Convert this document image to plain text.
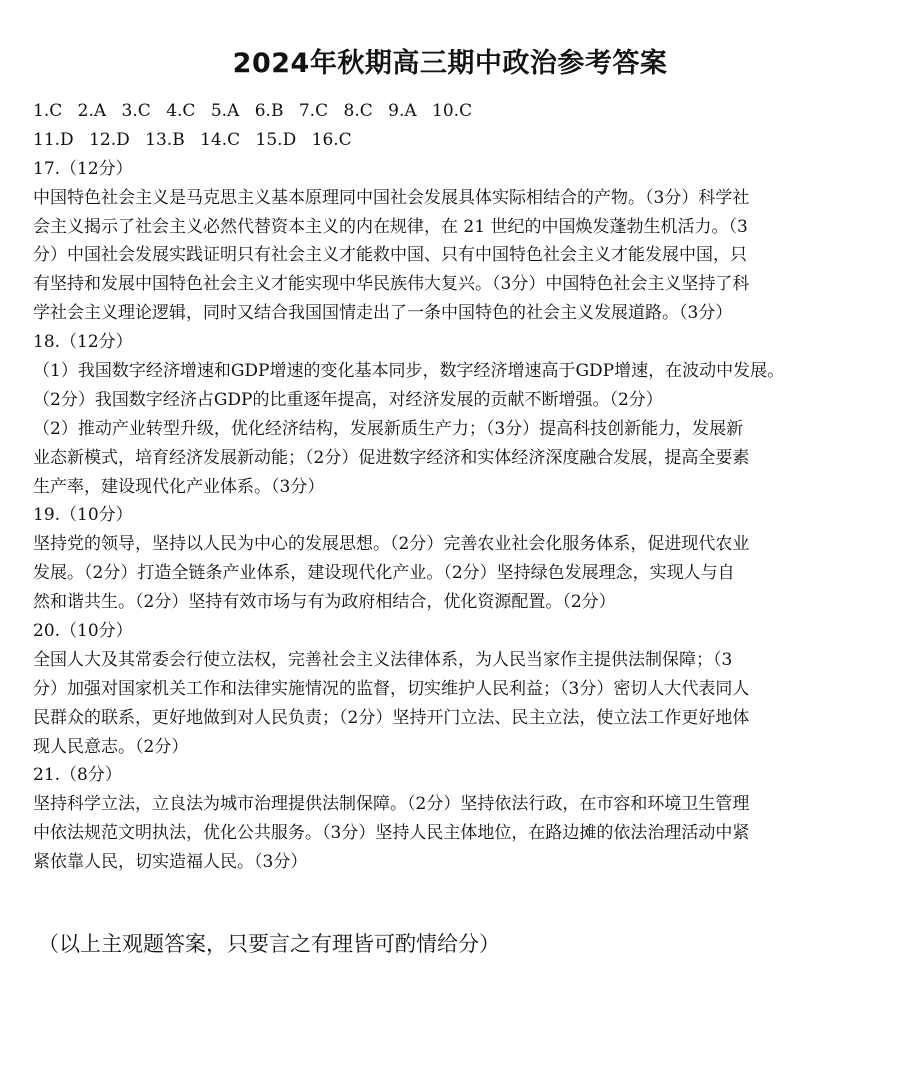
2024年秋期高三期中政治参考答案
1.C 2.A 3.C 4.C 5.A 6.B 7.C 8.C 9.A 10.C
11.D 12.D 13.B 14.C 15.D 16.C
17.（12分）
中国特色社会主义是马克思主义基本原理同中国社会发展具体实际相结合的产物。（3分）科学社
会主义揭示了社会主义必然代替资本主义的内在规律，在 21 世纪的中国焕发蓬勃生机活力。（3
分）中国社会发展实践证明只有社会主义才能救中国、只有中国特色社会主义才能发展中国，只
有坚持和发展中国特色社会主义才能实现中华民族伟大复兴。（3分）中国特色社会主义坚持了科
学社会主义理论逻辑，同时又结合我国国情走出了一条中国特色的社会主义发展道路。（3分）
18.（12分）
（1）我国数字经济增速和GDP增速的变化基本同步，数字经济增速高于GDP增速，在波动中发展。
（2分）我国数字经济占GDP的比重逐年提高，对经济发展的贡献不断增强。（2分）
（2）推动产业转型升级，优化经济结构，发展新质生产力；（3分）提高科技创新能力，发展新
业态新模式，培育经济发展新动能；（2分）促进数字经济和实体经济深度融合发展，提高全要素
生产率，建设现代化产业体系。（3分）
19.（10分）
坚持党的领导，坚持以人民为中心的发展思想。（2分）完善农业社会化服务体系，促进现代农业
发展。（2分）打造全链条产业体系，建设现代化产业。（2分）坚持绿色发展理念，实现人与自
然和谐共生。（2分）坚持有效市场与有为政府相结合，优化资源配置。（2分）
20.（10分）
全国人大及其常委会行使立法权，完善社会主义法律体系，为人民当家作主提供法制保障；（3
分）加强对国家机关工作和法律实施情况的监督，切实维护人民利益；（3分）密切人大代表同人
民群众的联系，更好地做到对人民负责；（2分）坚持开门立法、民主立法，使立法工作更好地体
现人民意志。（2分）
21.（8分）
坚持科学立法，立良法为城市治理提供法制保障。（2分）坚持依法行政，在市容和环境卫生管理
中依法规范文明执法，优化公共服务。（3分）坚持人民主体地位，在路边摊的依法治理活动中紧
紧依靠人民，切实造福人民。（3分）
（以上主观题答案，只要言之有理皆可酌情给分）
